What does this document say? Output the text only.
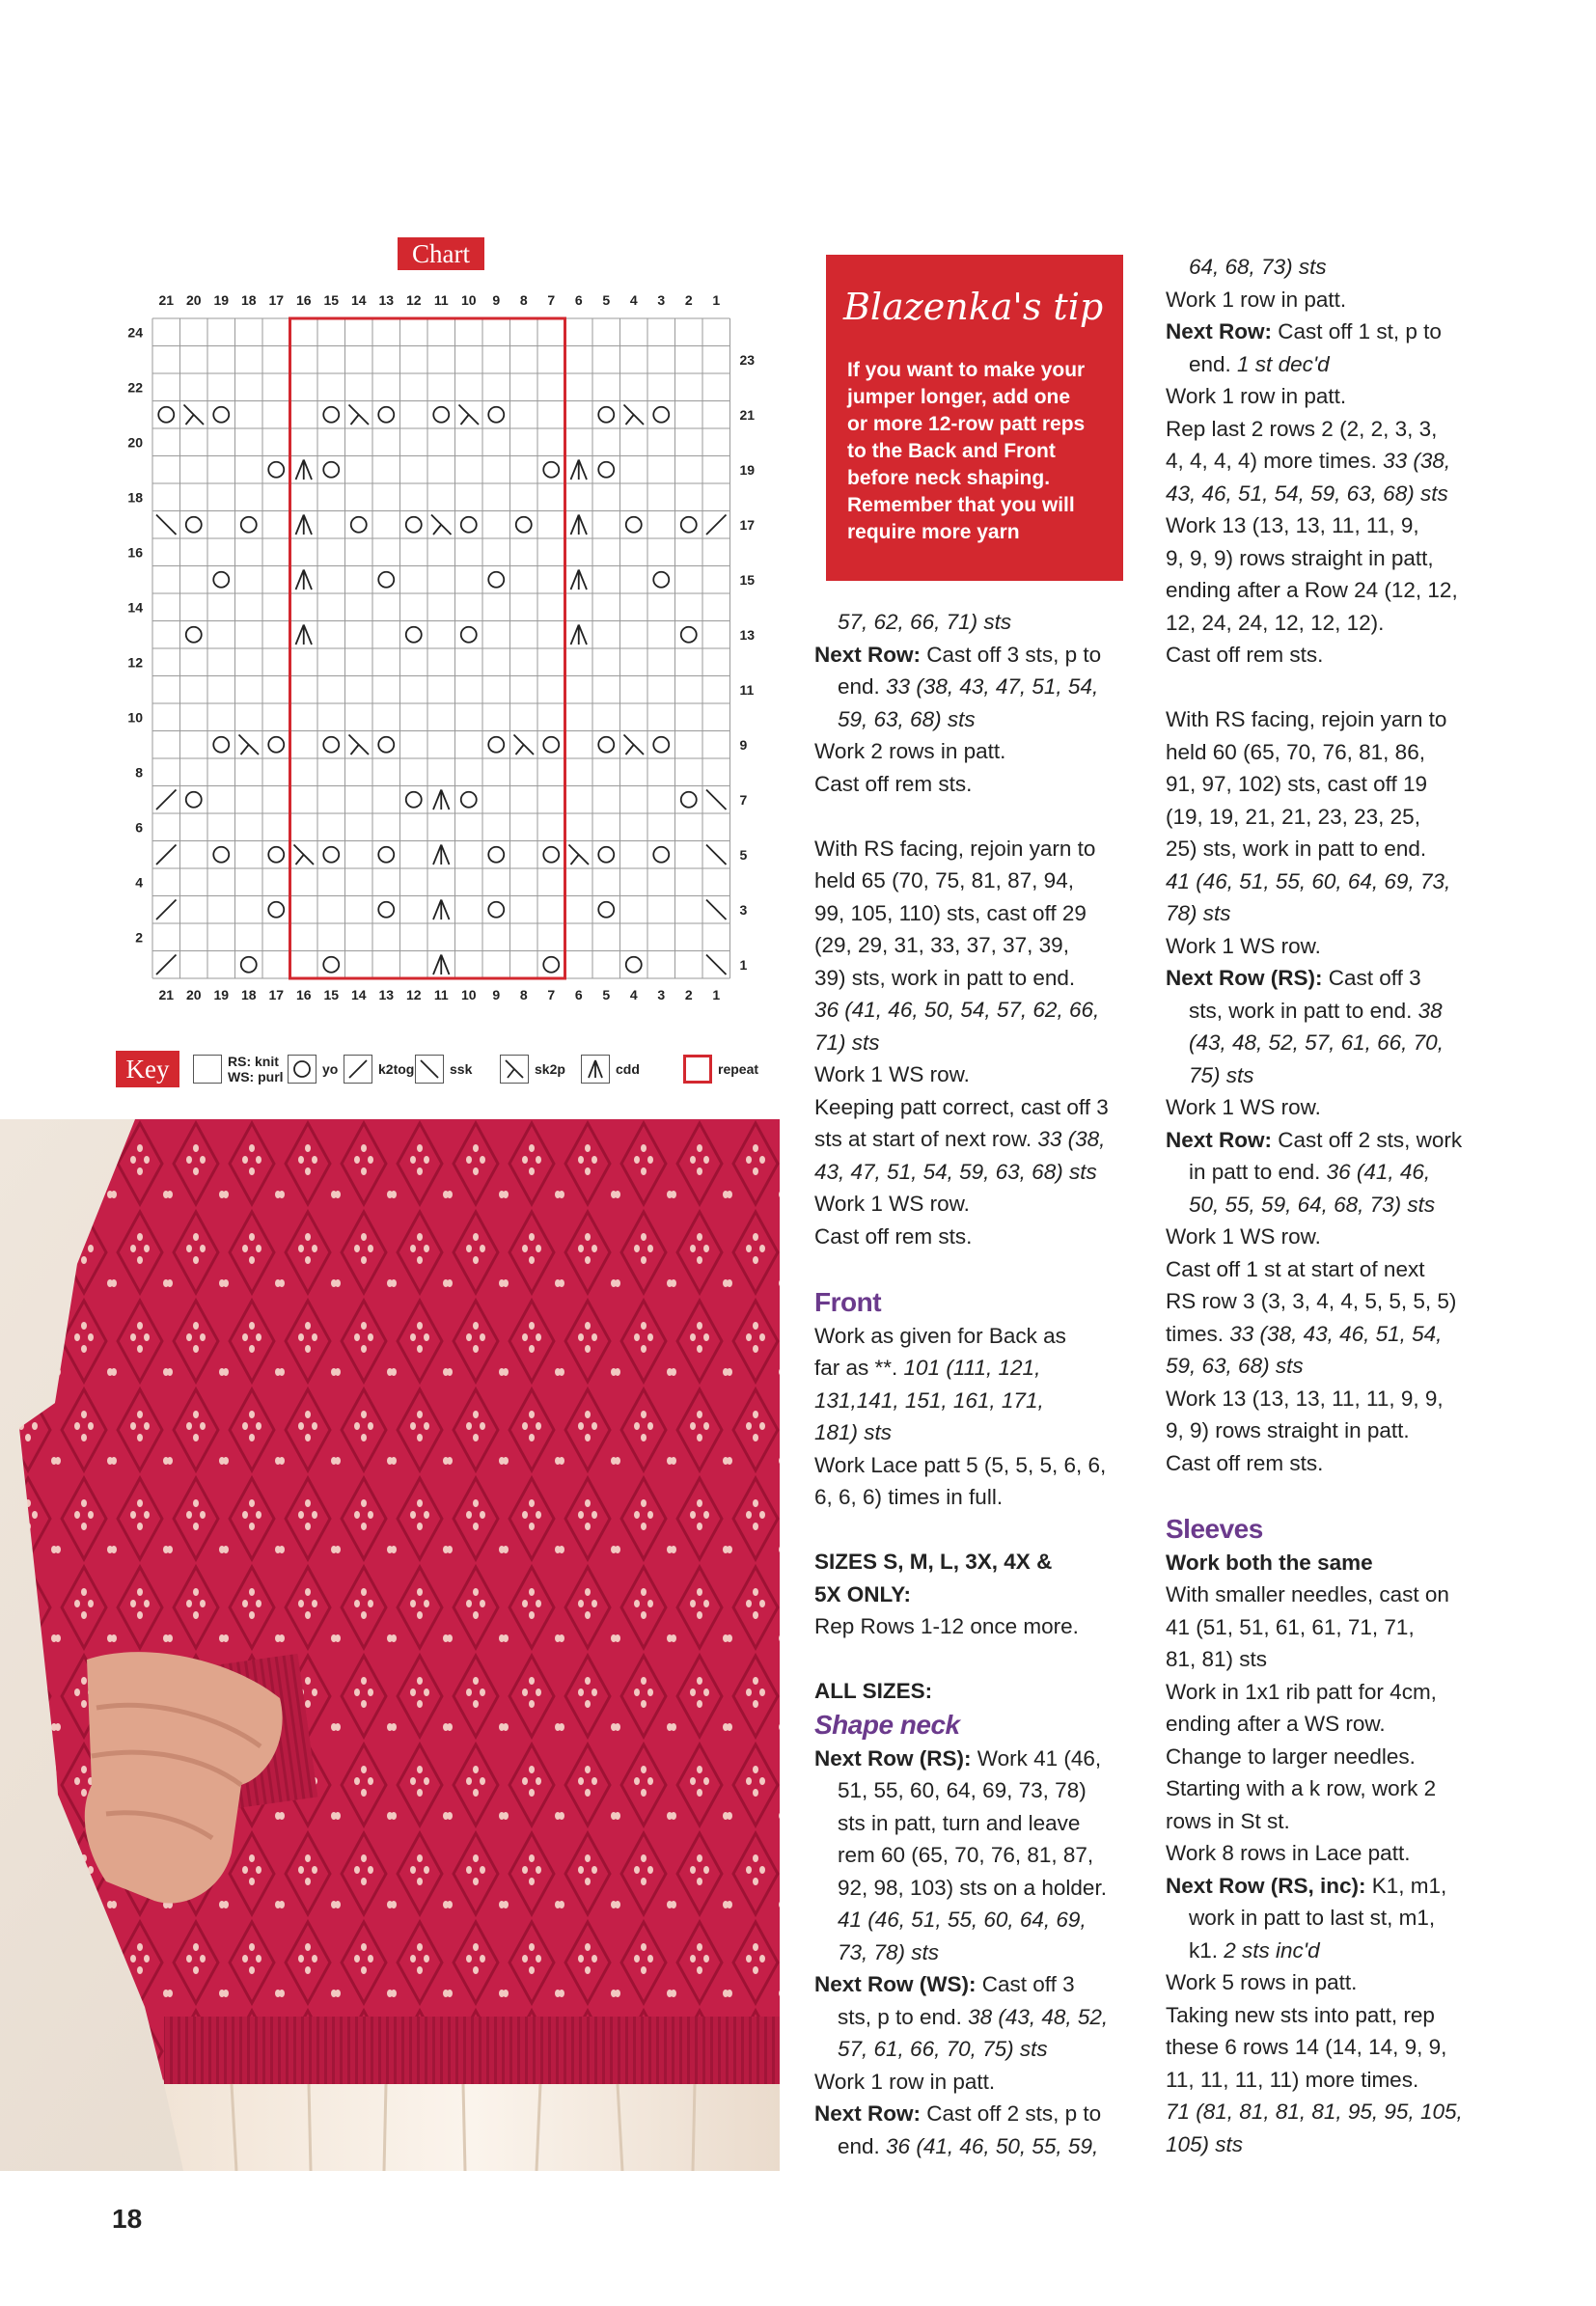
Chart
21
21
20
20
19
19
18
18
17
17
16
16
15
15
14
14
13
13
12
12
11
11
10
10
9
9
8
8
7
7
6
6
5
5
4
4
3
3
2
2
1
1
24
22
20
18
16
14
12
10
8
6
4
2
23
21
19
17
15
13
11
9
7
5
3
1
Key	RS: knit
WS: purl	yo	k2tog	ssk	sk2p	cdd	repeat
Blazenka's tip
If you want to make your
jumper longer, add one
or more 12-row patt reps
to the Back and Front
before neck shaping.
Remember that you will
require more yarn

57, 62, 66, 71) sts

Next Row: Cast off 3 sts, p to

end. 33 (38, 43, 47, 51, 54,

59, 63, 68) sts

Work 2 rows in patt.

Cast off rem sts.

With RS facing, rejoin yarn to

held 65 (70, 75, 81, 87, 94,

99, 105, 110) sts, cast off 29

(29, 29, 31, 33, 37, 37, 39,

39) sts, work in patt to end.

36 (41, 46, 50, 54, 57, 62, 66,

71) sts

Work 1 WS row.

Keeping patt correct, cast off 3

sts at start of next row. 33 (38,

43, 47, 51, 54, 59, 63, 68) sts

Work 1 WS row.

Cast off rem sts.

Front

Work as given for Back as

far as **. 101 (111, 121,

131,141, 151, 161, 171,

181) sts

Work Lace patt 5 (5, 5, 5, 6, 6,

6, 6, 6) times in full.

SIZES S, M, L, 3X, 4X &

5X ONLY:

Rep Rows 1-12 once more.

ALL SIZES:

Shape neck

Next Row (RS): Work 41 (46,

51, 55, 60, 64, 69, 73, 78)

sts in patt, turn and leave

rem 60 (65, 70, 76, 81, 87,

92, 98, 103) sts on a holder.

41 (46, 51, 55, 60, 64, 69,

73, 78) sts

Next Row (WS): Cast off 3

sts, p to end. 38 (43, 48, 52,

57, 61, 66, 70, 75) sts

Work 1 row in patt.

Next Row: Cast off 2 sts, p to

end. 36 (41, 46, 50, 55, 59,

64, 68, 73) sts

Work 1 row in patt.

Next Row: Cast off 1 st, p to

end. 1 st dec'd

Work 1 row in patt.

Rep last 2 rows 2 (2, 2, 3, 3,

4, 4, 4, 4) more times. 33 (38,

43, 46, 51, 54, 59, 63, 68) sts

Work 13 (13, 13, 11, 11, 9,

9, 9, 9) rows straight in patt,

ending after a Row 24 (12, 12,

12, 24, 24, 12, 12, 12).

Cast off rem sts.

With RS facing, rejoin yarn to

held 60 (65, 70, 76, 81, 86,

91, 97, 102) sts, cast off 19

(19, 19, 21, 21, 23, 23, 25,

25) sts, work in patt to end.

41 (46, 51, 55, 60, 64, 69, 73,

78) sts

Work 1 WS row.

Next Row (RS): Cast off 3

sts, work in patt to end. 38

(43, 48, 52, 57, 61, 66, 70,

75) sts

Work 1 WS row.

Next Row: Cast off 2 sts, work

in patt to end. 36 (41, 46,

50, 55, 59, 64, 68, 73) sts

Work 1 WS row.

Cast off 1 st at start of next

RS row 3 (3, 3, 4, 4, 5, 5, 5, 5)

times. 33 (38, 43, 46, 51, 54,

59, 63, 68) sts

Work 13 (13, 13, 11, 11, 9, 9,

9, 9) rows straight in patt.

Cast off rem sts.

Sleeves

Work both the same

With smaller needles, cast on

41 (51, 51, 61, 61, 71, 71,

81, 81) sts

Work in 1x1 rib patt for 4cm,

ending after a WS row.

Change to larger needles.

Starting with a k row, work 2

rows in St st.

Work 8 rows in Lace patt.

Next Row (RS, inc): K1, m1,

work in patt to last st, m1,

k1. 2 sts inc'd

Work 5 rows in patt.

Taking new sts into patt, rep

these 6 rows 14 (14, 14, 9, 9,

11, 11, 11, 11) more times.

71 (81, 81, 81, 81, 95, 95, 105,

105) sts

18
